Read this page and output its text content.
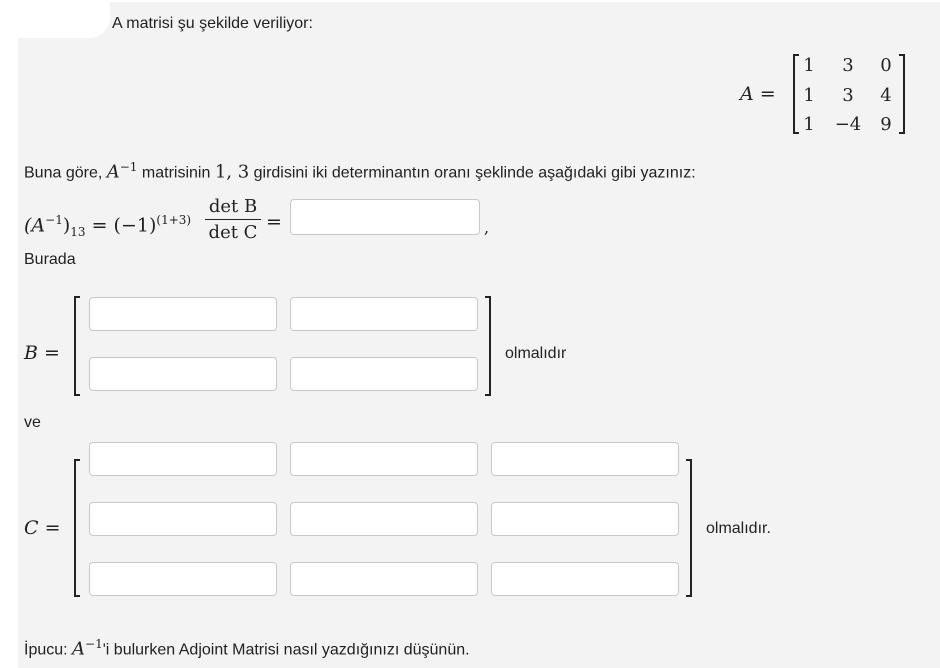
A matrisi şu şekilde veriliyor:
A =
1	3	0
1	3	4
1	−4	9
Buna göre, $A^{-1}$ matrisinin 1, 3 girdisini iki determinantın oranı şeklinde aşağıdaki gibi yazınız:
$(A^{-1})_{13} = (-1)^{(1+3)}$
det B
det C =	,
Burada
B =	olmalıdır
ve
C =	olmalıdır.
İpucu: $A^{-1}'i$ bulurken Adjoint Matrisi nasıl yazdığınızı düşünün.
